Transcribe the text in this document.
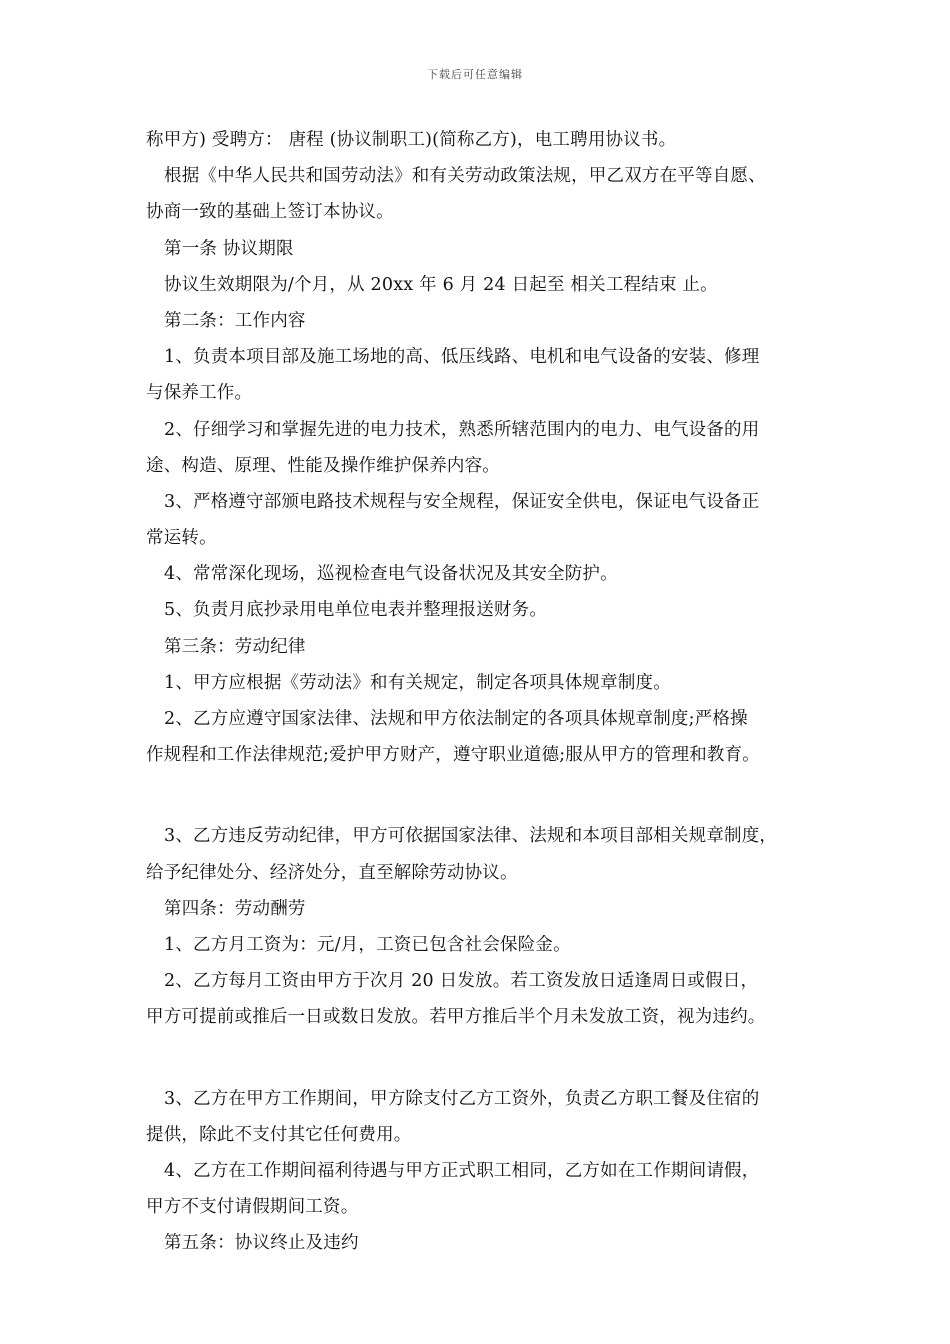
下载后可任意编辑
称甲方) 受聘方： 唐程 (协议制职工)(简称乙方)，电工聘用协议书。
根据《中华人民共和国劳动法》和有关劳动政策法规，甲乙双方在平等自愿、
协商一致的基础上签订本协议。
第一条 协议期限
协议生效期限为/个月，从 20xx 年 6 月 24 日起至 相关工程结束 止。
第二条：工作内容
1、负责本项目部及施工场地的高、低压线路、电机和电气设备的安装、修理
与保养工作。
2、仔细学习和掌握先进的电力技术，熟悉所辖范围内的电力、电气设备的用
途、构造、原理、性能及操作维护保养内容。
3、严格遵守部颁电路技术规程与安全规程，保证安全供电，保证电气设备正
常运转。
4、常常深化现场，巡视检查电气设备状况及其安全防护。
5、负责月底抄录用电单位电表并整理报送财务。
第三条：劳动纪律
1、甲方应根据《劳动法》和有关规定，制定各项具体规章制度。
2、乙方应遵守国家法律、法规和甲方依法制定的各项具体规章制度;严格操
作规程和工作法律规范;爱护甲方财产，遵守职业道德;服从甲方的管理和教育。
3、乙方违反劳动纪律，甲方可依据国家法律、法规和本项目部相关规章制度，
给予纪律处分、经济处分，直至解除劳动协议。
第四条：劳动酬劳
1、乙方月工资为：元/月，工资已包含社会保险金。
2、乙方每月工资由甲方于次月 20 日发放。若工资发放日适逢周日或假日，
甲方可提前或推后一日或数日发放。若甲方推后半个月未发放工资，视为违约。
3、乙方在甲方工作期间，甲方除支付乙方工资外，负责乙方职工餐及住宿的
提供，除此不支付其它任何费用。
4、乙方在工作期间福利待遇与甲方正式职工相同，乙方如在工作期间请假，
甲方不支付请假期间工资。
第五条：协议终止及违约
